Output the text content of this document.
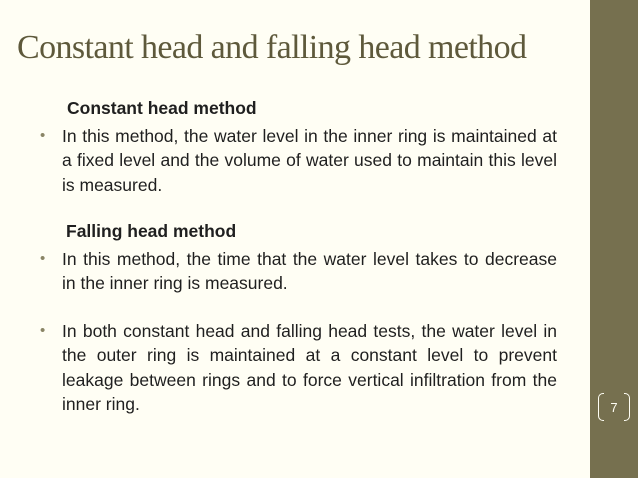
Constant head and falling head method

Constant head method

• In this method, the water level in the inner ring is maintained at a fixed level and the volume of water used to maintain this level is measured.

Falling head method

• In this method, the time that the water level takes to decrease in the inner ring is measured.

• In both constant head and falling head tests, the water level in the outer ring is maintained at a constant level to prevent leakage between rings and to force vertical infiltration from the inner ring.	7
